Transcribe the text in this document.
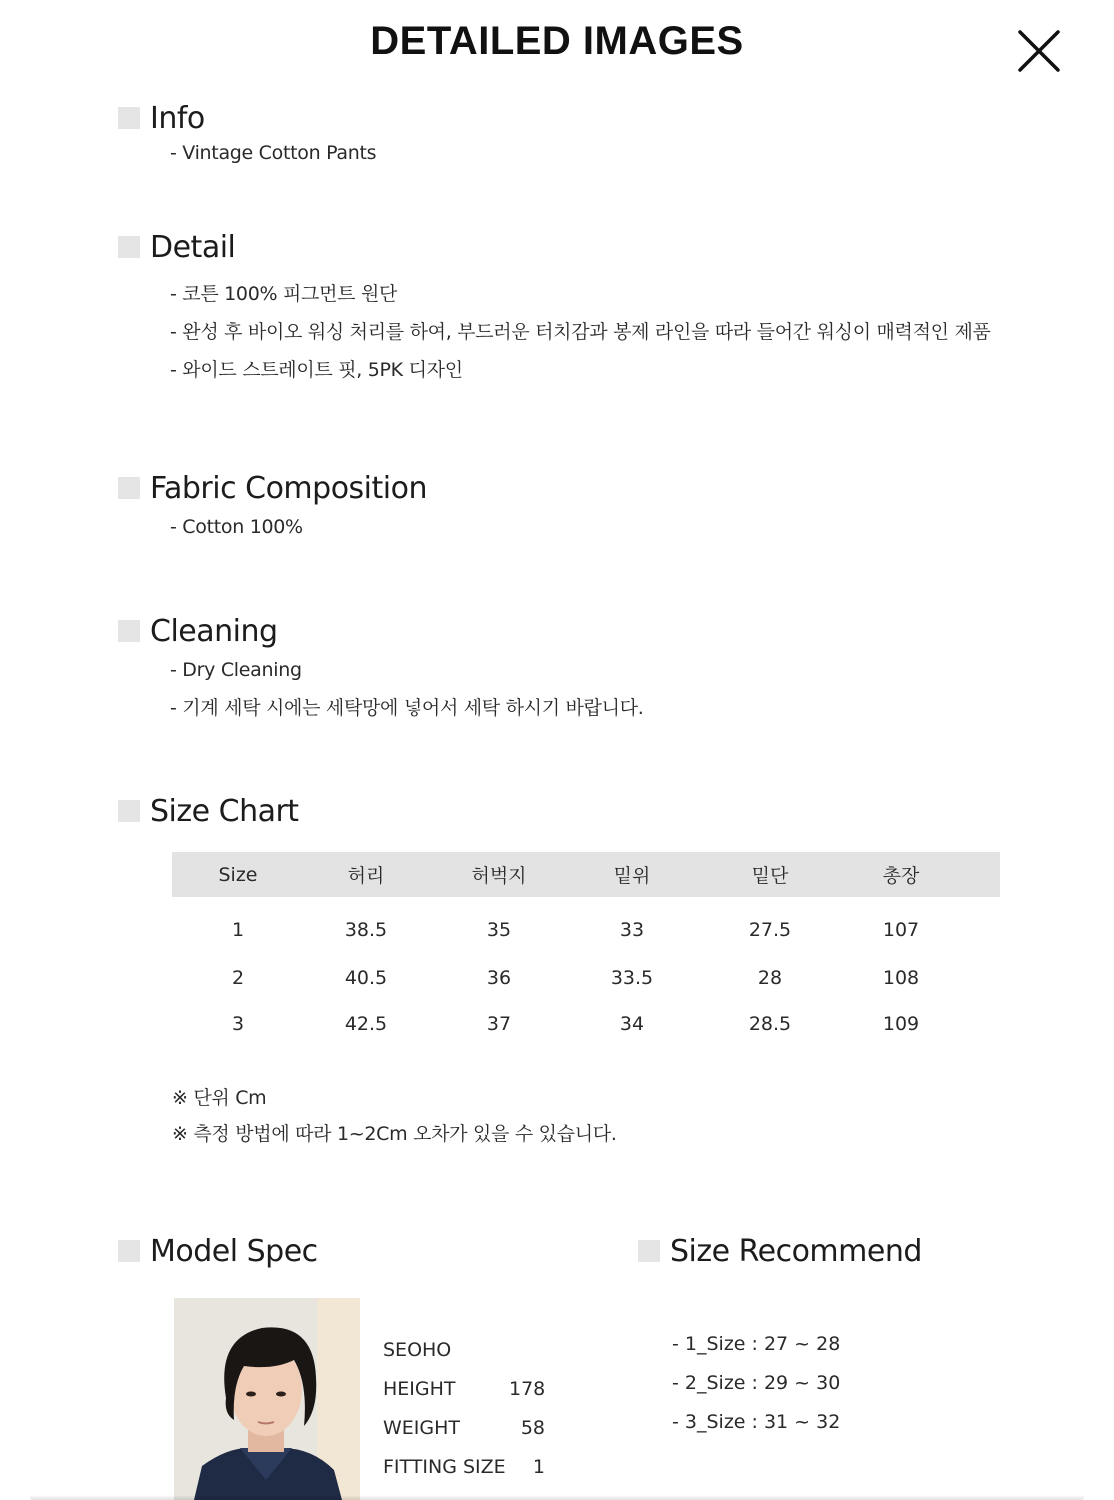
DETAILED IMAGES
Info
- Vintage Cotton Pants
Detail
- 코튼 100% 피그먼트 원단
- 완성 후 바이오 워싱 처리를 하여, 부드러운 터치감과 봉제 라인을 따라 들어간 워싱이 매력적인 제품
- 와이드 스트레이트 핏, 5PK 디자인
Fabric Composition
- Cotton 100%
Cleaning
- Dry Cleaning
- 기계 세탁 시에는 세탁망에 넣어서 세탁 하시기 바랍니다.
Size Chart
Size	허리	허벅지	밑위	밑단	총장
1	38.5	35	33	27.5	107
2	40.5	36	33.5	28	108
3	42.5	37	34	28.5	109
※ 단위 Cm
※ 측정 방법에 따라 1~2Cm 오차가 있을 수 있습니다.
Model Spec	Size Recommend
SEOHO
HEIGHT	178
WEIGHT	58
FITTING SIZE	1
- 1_Size : 27 ~ 28
- 2_Size : 29 ~ 30
- 3_Size : 31 ~ 32
